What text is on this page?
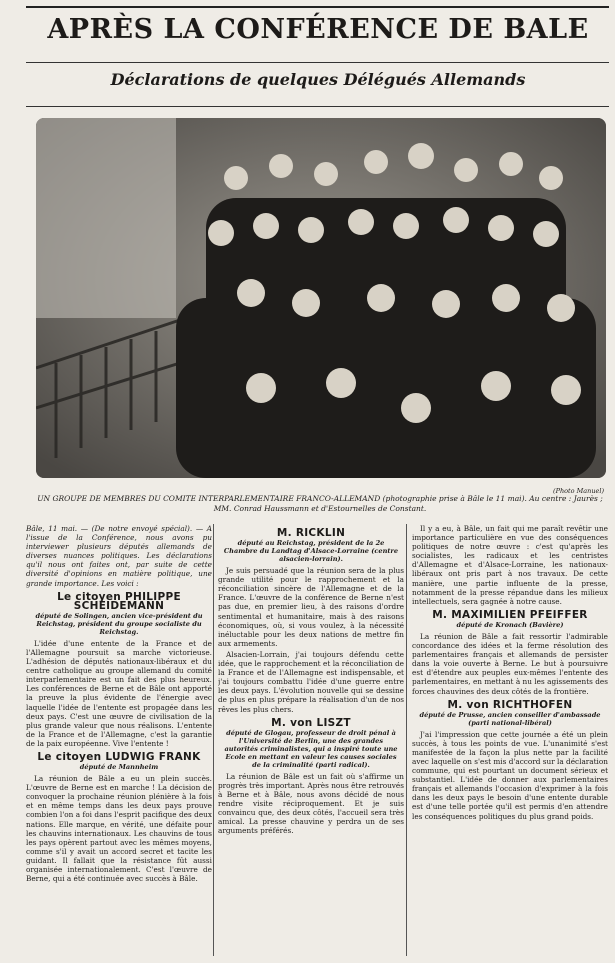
APRÈS LA CONFÉRENCE DE BALE
Déclarations de quelques Délégués Allemands
(Photo Manuel)
UN GROUPE DE MEMBRES DU COMITE INTERPARLEMENTAIRE FRANCO-ALLEMAND (photographie prise à Bâle le 11 mai). Au centre : Jaurès ; MM. Conrad Haussmann et d'Estournelles de Constant.

Bâle, 11 mai. — (De notre envoyé spécial). — A l'issue de la Conférence, nous avons pu interviewer plusieurs députés allemands de diverses nuances politiques. Les déclarations qu'il nous ont faites ont, par suite de cette diversité d'opinions en matière politique, une grande importance. Les voici :

Le citoyen PHILIPPE SCHEIDEMANN
député de Solingen, ancien vice-président du Reichstag, président du groupe socialiste du Reichstag.

L'idée d'une entente de la France et de l'Allemagne poursuit sa marche victorieuse. L'adhésion de députés nationaux-libéraux et du centre catholique au groupe allemand du comité interparlementaire est un fait des plus heureux. Les conférences de Berne et de Bâle ont apporté la preuve la plus évidente de l'énergie avec laquelle l'idée de l'entente est propagée dans les deux pays. C'est une œuvre de civilisation de la plus grande valeur que nous réalisons. L'entente de la France et de l'Allemagne, c'est la garantie de la paix européenne. Vive l'entente !

Le citoyen LUDWIG FRANK
député de Mannheim

La réunion de Bâle a eu un plein succès. L'œuvre de Berne est en marche ! La décision de convoquer la prochaine réunion plénière à la fois et en même temps dans les deux pays prouve combien l'on a foi dans l'esprit pacifique des deux nations. Elle marque, en vérité, une défaite pour les chauvins internationaux. Les chauvins de tous les pays opèrent partout avec les mêmes moyens, comme s'il y avait un accord secret et tacite les guidant. Il fallait que la résistance fût aussi organisée internationalement. C'est l'œuvre de Berne, qui a été continuée avec succès à Bâle.

M. RICKLIN
député au Reichstag, président de la 2e Chambre du Landtag d'Alsace-Lorraine (centre alsacien-lorrain).

Je suis persuadé que la réunion sera de la plus grande utilité pour le rapprochement et la réconciliation sincère de l'Allemagne et de la France. L'œuvre de la conférence de Berne n'est pas due, en premier lieu, à des raisons d'ordre sentimental et humanitaire, mais à des raisons économiques, où, si vous voulez, à la nécessité inéluctable pour les deux nations de mettre fin aux armements.

Alsacien-Lorrain, j'ai toujours défendu cette idée, que le rapprochement et la réconciliation de la France et de l'Allemagne est indispensable, et j'ai toujours combattu l'idée d'une guerre entre les deux pays. L'évolution nouvelle qui se dessine de plus en plus prépare la réalisation d'un de nos rêves les plus chers.

M. von LISZT
député de Glogau, professeur de droit pénal à l'Université de Berlin, une des grandes autorités criminalistes, qui a inspiré toute une Ecole en mettant en valeur les causes sociales de la criminalité (parti radical).

La réunion de Bâle est un fait où s'affirme un progrès très important. Après nous être retrouvés à Berne et à Bâle, nous avons décidé de nous rendre visite réciproquement. Et je suis convaincu que, des deux côtés, l'accueil sera très amical. La presse chauvine y perdra un de ses arguments préférés.

Il y a eu, à Bâle, un fait qui me paraît revêtir une importance particulière en vue des conséquences politiques de notre œuvre : c'est qu'après les socialistes, les radicaux et les centristes d'Allemagne et d'Alsace-Lorraine, les nationaux-libéraux ont pris part à nos travaux. De cette manière, une partie influente de la presse, notamment de la presse répandue dans les milieux intellectuels, sera gagnée à notre cause.

M. MAXIMILIEN PFEIFFER
député de Kronach (Bavière)

La réunion de Bâle a fait ressortir l'admirable concordance des idées et la ferme résolution des parlementaires français et allemands de persister dans la voie ouverte à Berne. Le but à poursuivre est d'étendre aux peuples eux-mêmes l'entente des parlementaires, en mettant à nu les agissements des forces chauvines des deux côtés de la frontière.

M. von RICHTHOFEN
député de Prusse, ancien conseiller d'ambassade (parti national-libéral)

J'ai l'impression que cette journée a été un plein succès, à tous les points de vue. L'unanimité s'est manifestée de la façon la plus nette par la facilité avec laquelle on s'est mis d'accord sur la déclaration commune, qui est pourtant un document sérieux et substantiel. L'idée de donner aux parlementaires français et allemands l'occasion d'exprimer à la fois dans les deux pays le besoin d'une entente durable est d'une telle portée qu'il est permis d'en attendre les conséquences politiques du plus grand poids.
